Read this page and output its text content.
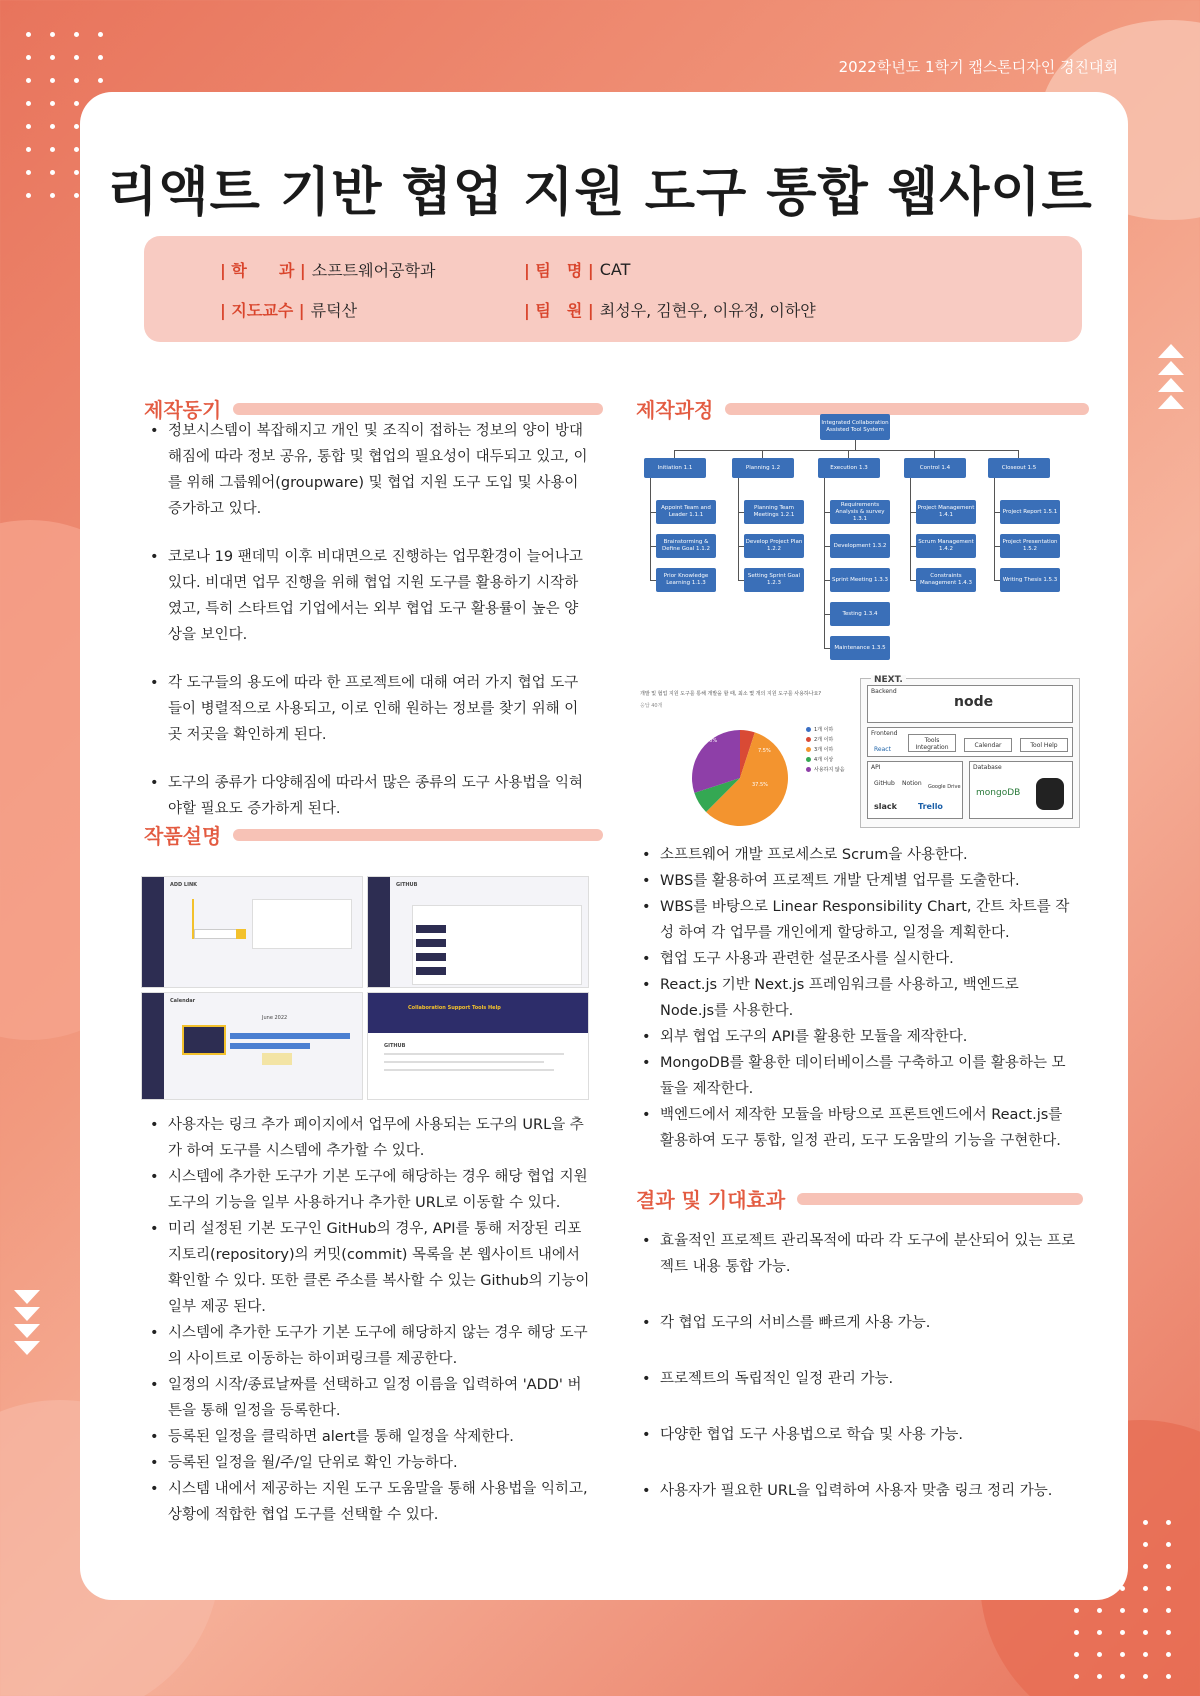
2022학년도 1학기 캡스톤디자인 경진대회
리액트 기반 협업 지원 도구 통합 웹사이트
| 학　　과 | 소프트웨어공학과	| 팀　명 | CAT
| 지도교수 | 류덕산	| 팀　원 | 최성우, 김현우, 이유정, 이하얀
제작동기
• 정보시스템이 복잡해지고 개인 및 조직이 접하는 정보의 양이 방대해짐에 따라 정보 공유, 통합 및 협업의 필요성이 대두되고 있고, 이를 위해 그룹웨어(groupware) 및 협업 지원 도구 도입 및 사용이 증가하고 있다.
• 코로나 19 팬데믹 이후 비대면으로 진행하는 업무환경이 늘어나고 있다. 비대면 업무 진행을 위해 협업 지원 도구를 활용하기 시작하였고, 특히 스타트업 기업에서는 외부 협업 도구 활용률이 높은 양상을 보인다.
• 각 도구들의 용도에 따라 한 프로젝트에 대해 여러 가지 협업 도구들이 병렬적으로 사용되고, 이로 인해 원하는 정보를 찾기 위해 이곳 저곳을 확인하게 된다.
• 도구의 종류가 다양해짐에 따라서 많은 종류의 도구 사용법을 익혀야할 필요도 증가하게 된다.
작품설명
ADD LINK	GITHUB
Calendar
June 2022
Collaboration Support Tools Help
GITHUB
• 사용자는 링크 추가 페이지에서 업무에 사용되는 도구의 URL을 추가 하여 도구를 시스템에 추가할 수 있다.
• 시스템에 추가한 도구가 기본 도구에 해당하는 경우 해당 협업 지원 도구의 기능을 일부 사용하거나 추가한 URL로 이동할 수 있다.
• 미리 설정된 기본 도구인 GitHub의 경우, API를 통해 저장된 리포지토리(repository)의 커밋(commit) 목록을 본 웹사이트 내에서 확인할 수 있다. 또한 클론 주소를 복사할 수 있는 Github의 기능이 일부 제공 된다.
• 시스템에 추가한 도구가 기본 도구에 해당하지 않는 경우 해당 도구의 사이트로 이동하는 하이퍼링크를 제공한다.
• 일정의 시작/종료날짜를 선택하고 일정 이름을 입력하여 'ADD' 버튼을 통해 일정을 등록한다.
• 등록된 일정을 클릭하면 alert를 통해 일정을 삭제한다.
• 등록된 일정을 월/주/일 단위로 확인 가능하다.
• 시스템 내에서 제공하는 지원 도구 도움말을 통해 사용법을 익히고, 상황에 적합한 협업 도구를 선택할 수 있다.
제작과정
Integrated Collaboration Assisted Tool System
Initiation 1.1
Appoint Team and Leader 1.1.1
Brainstorming & Define Goal 1.1.2
Prior Knowledge Learning 1.1.3
Planning 1.2
Planning Team Meetings 1.2.1
Develop Project Plan 1.2.2
Setting Sprint Goal 1.2.3
Execution 1.3
Requirements Analysis & survey 1.3.1
Development 1.3.2
Sprint Meeting 1.3.3
Testing 1.3.4
Maintenance 1.3.5
Control 1.4
Project Management 1.4.1
Scrum Management 1.4.2
Constraints Management 1.4.3
Closeout 1.5
Project Report 1.5.1
Project Presentation 1.5.2
Writing Thesis 1.5.3
개발 및 협업 지원 도구를 통해 개발을 할 때, 최소 몇 개의 지원 도구를 사용하나요?
응답 40개
30%
37.5%
7.5%
1개 이하
2개 이하
3개 이하
4개 이상
사용하지 않음
NEXT.
Backend
node
Frontend
React
Tools Integration	Calendar	Tool Help
API
GitHub Notion Google Drive
slack	Trello
Database
mongoDB
• 소프트웨어 개발 프로세스로 Scrum을 사용한다.
• WBS를 활용하여 프로젝트 개발 단계별 업무를 도출한다.
• WBS를 바탕으로 Linear Responsibility Chart, 간트 차트를 작성 하여 각 업무를 개인에게 할당하고, 일정을 계획한다.
• 협업 도구 사용과 관련한 설문조사를 실시한다.
• React.js 기반 Next.js 프레임워크를 사용하고, 백엔드로 Node.js를 사용한다.
• 외부 협업 도구의 API를 활용한 모듈을 제작한다.
• MongoDB를 활용한 데이터베이스를 구축하고 이를 활용하는 모듈을 제작한다.
• 백엔드에서 제작한 모듈을 바탕으로 프론트엔드에서 React.js를 활용하여 도구 통합, 일정 관리, 도구 도움말의 기능을 구현한다.
결과 및 기대효과
• 효율적인 프로젝트 관리목적에 따라 각 도구에 분산되어 있는 프로젝트 내용 통합 가능.
• 각 협업 도구의 서비스를 빠르게 사용 가능.
• 프로젝트의 독립적인 일정 관리 가능.
• 다양한 협업 도구 사용법으로 학습 및 사용 가능.
• 사용자가 필요한 URL을 입력하여 사용자 맞춤 링크 정리 가능.
